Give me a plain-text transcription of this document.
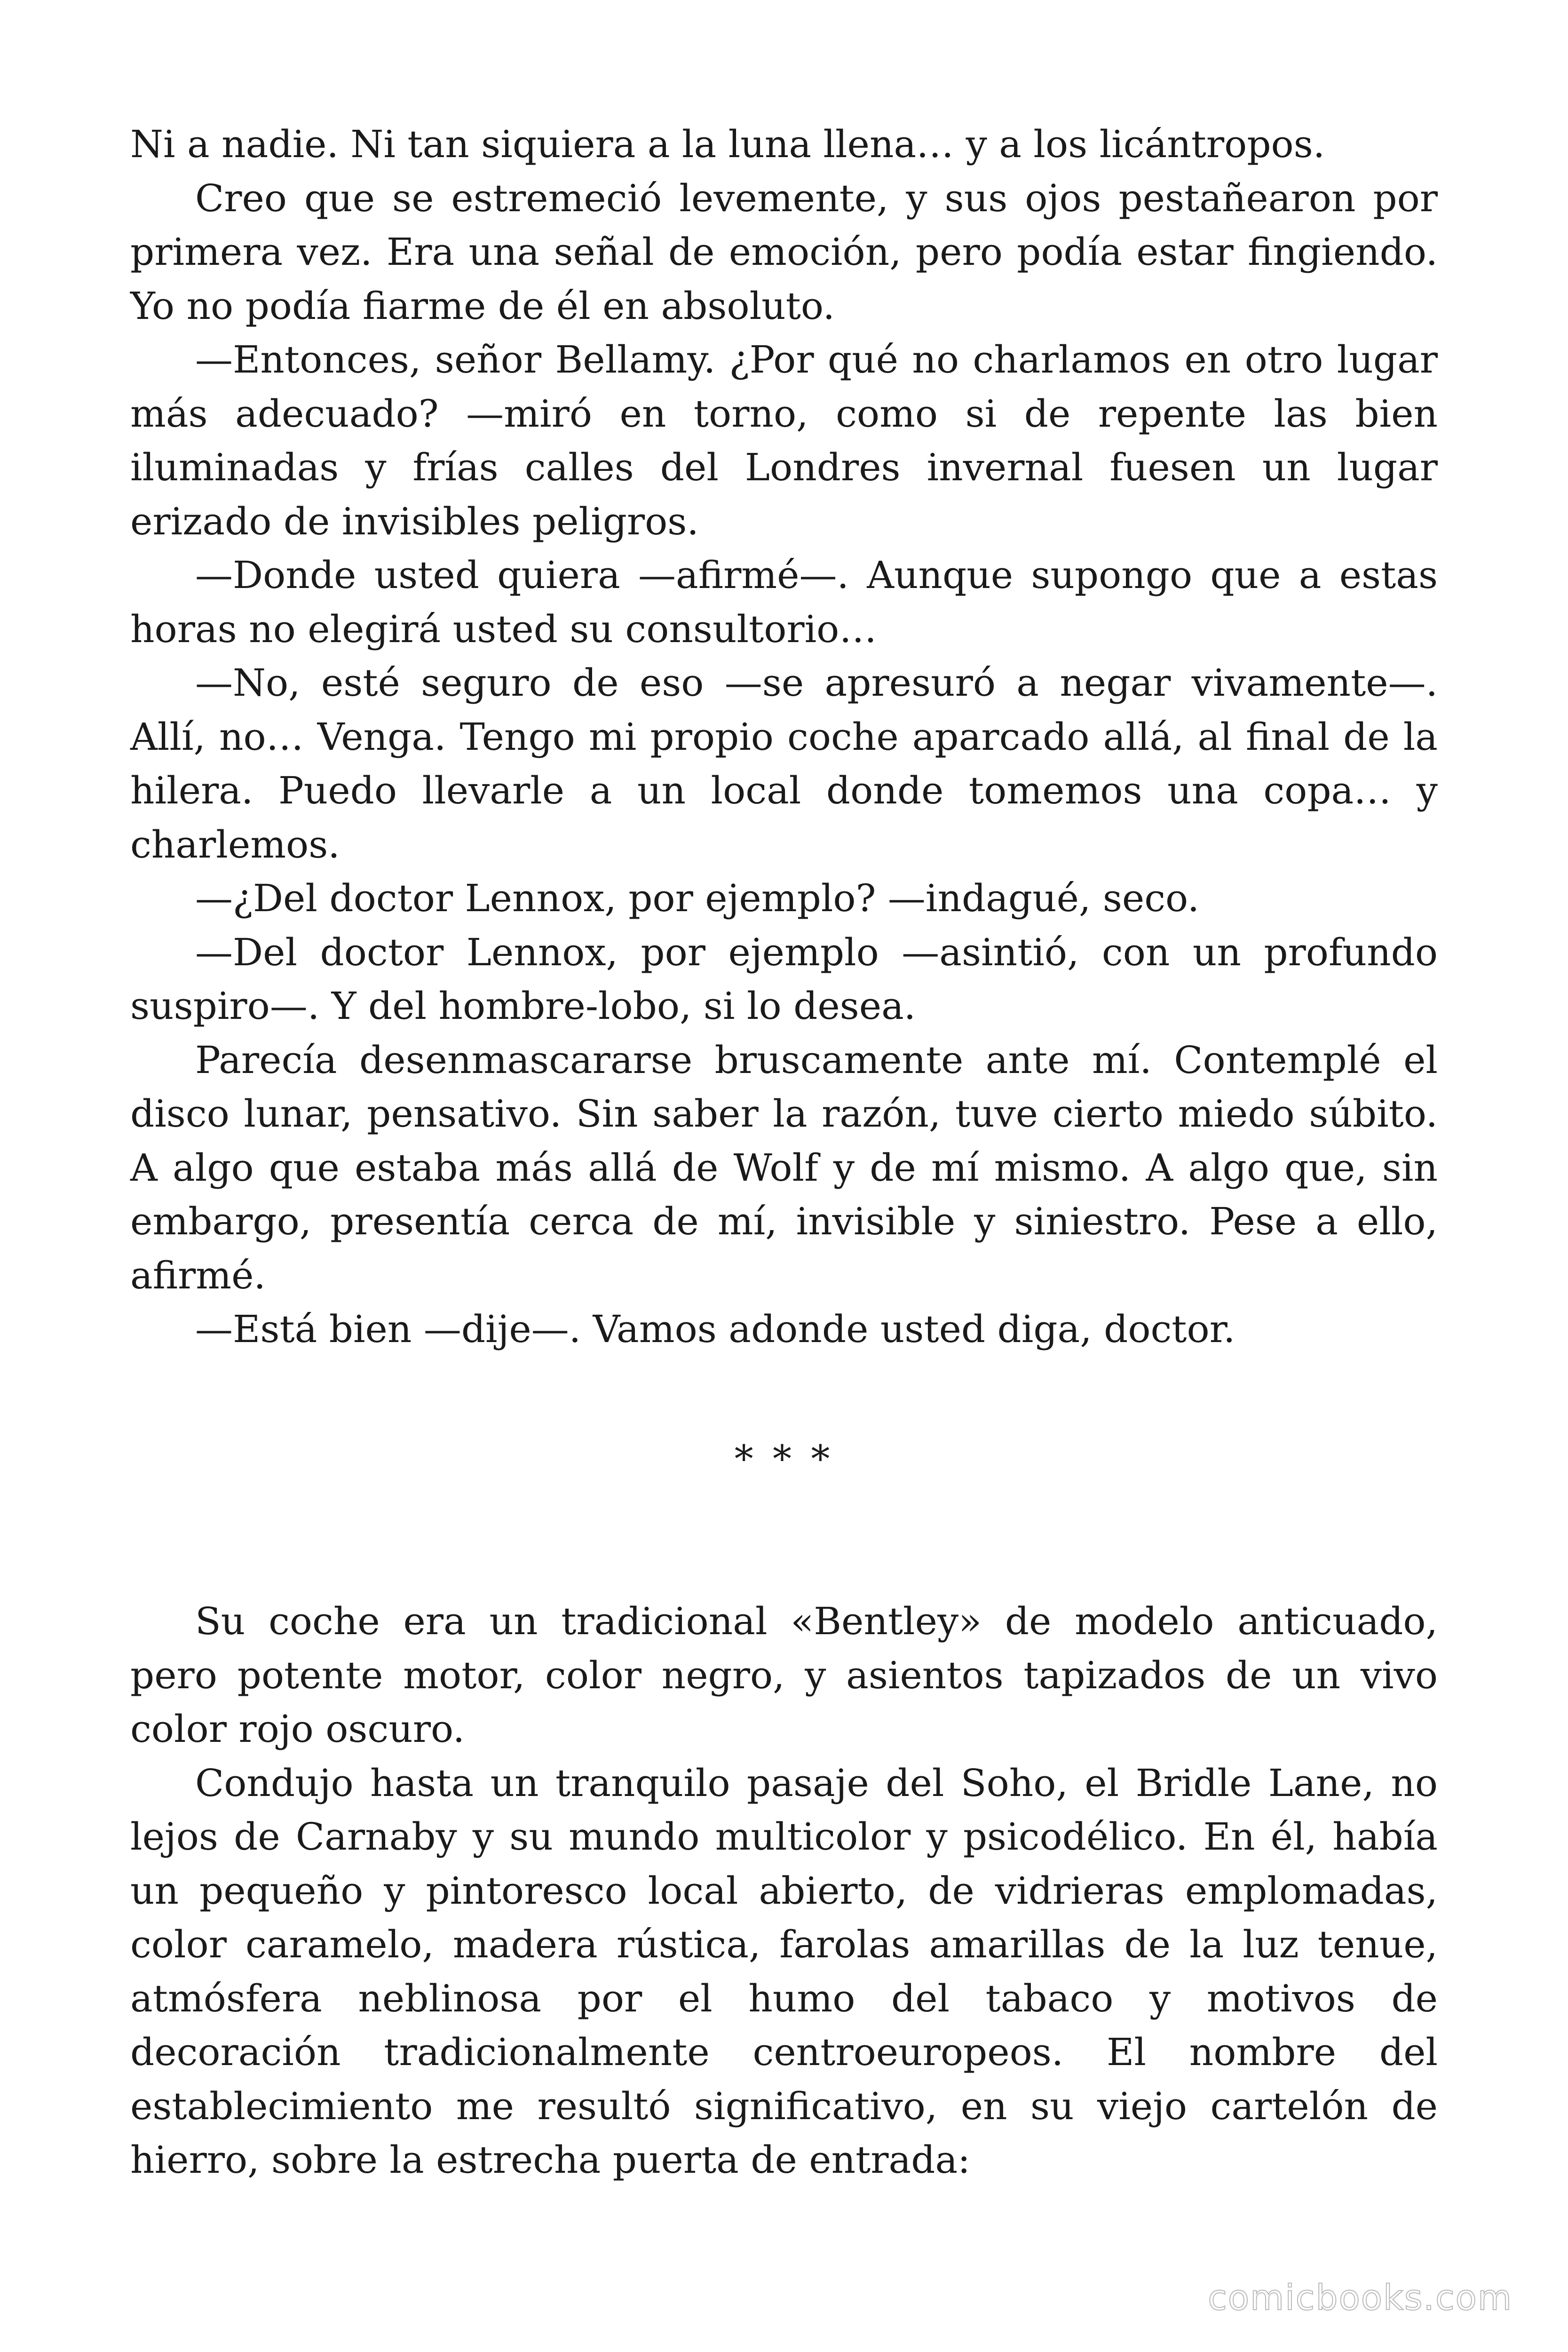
Ni a nadie. Ni tan siquiera a la luna llena… y a los licántropos.

Creo que se estremeció levemente, y sus ojos pestañearon por primera vez. Era una señal de emoción, pero podía estar fingiendo. Yo no podía fiarme de él en absoluto.

—Entonces, señor Bellamy. ¿Por qué no charlamos en otro lugar más adecuado? —miró en torno, como si de repente las bien iluminadas y frías calles del Londres invernal fuesen un lugar erizado de invisibles peligros.

—Donde usted quiera —afirmé—. Aunque supongo que a estas horas no elegirá usted su consultorio…

—No, esté seguro de eso —se apresuró a negar vivamente—. Allí, no… Venga. Tengo mi propio coche aparcado allá, al final de la hilera. Puedo llevarle a un local donde tomemos una copa… y charlemos.

—¿Del doctor Lennox, por ejemplo? —indagué, seco.

—Del doctor Lennox, por ejemplo —asintió, con un profundo suspiro—. Y del hombre-lobo, si lo desea.

Parecía desenmascararse bruscamente ante mí. Contemplé el disco lunar, pensativo. Sin saber la razón, tuve cierto miedo súbito. A algo que estaba más allá de Wolf y de mí mismo. A algo que, sin embargo, presentía cerca de mí, invisible y siniestro. Pese a ello, afirmé.

—Está bien —dije—. Vamos adonde usted diga, doctor.

* * *

Su coche era un tradicional «Bentley» de modelo anticuado, pero potente motor, color negro, y asientos tapizados de un vivo color rojo oscuro.

Condujo hasta un tranquilo pasaje del Soho, el Bridle Lane, no lejos de Carnaby y su mundo multicolor y psicodélico. En él, había un pequeño y pintoresco local abierto, de vidrieras emplomadas, color caramelo, madera rústica, farolas amarillas de la luz tenue, atmósfera neblinosa por el humo del tabaco y motivos de decoración tradicionalmente centroeuropeos. El nombre del establecimiento me resultó significativo, en su viejo cartelón de hierro, sobre la estrecha puerta de entrada:

comicbooks.com
